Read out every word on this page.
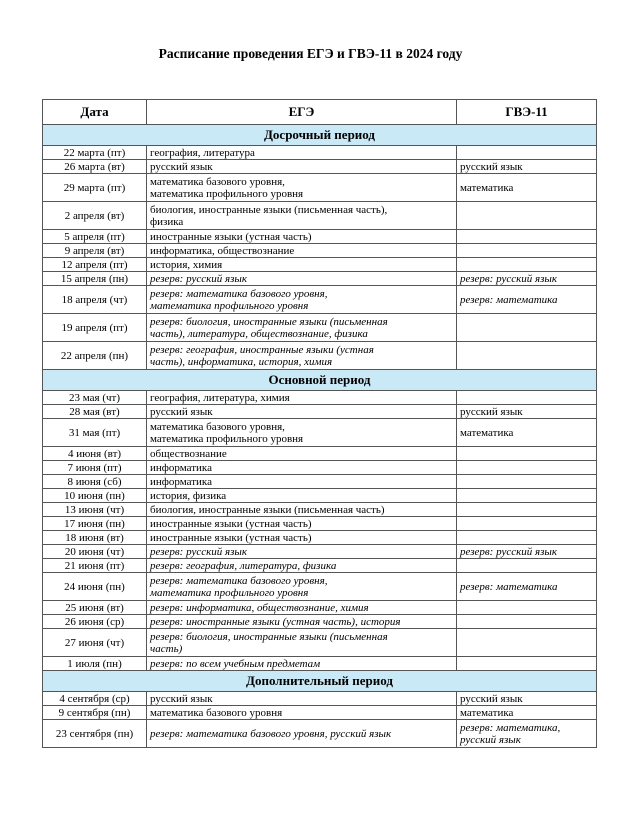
Расписание проведения ЕГЭ и ГВЭ-11 в 2024 году
Дата	ЕГЭ	ГВЭ-11
Досрочный период		
22 марта (пт)	география, литература	
26 марта (вт)	русский язык	русский язык
29 марта (пт)	математика базового уровня,
математика профильного уровня	математика
2 апреля (вт)	биология, иностранные языки (письменная часть),
физика	
5 апреля (пт)	иностранные языки (устная часть)	
9 апреля (вт)	информатика, обществознание	
12 апреля (пт)	история, химия	
15 апреля (пн)	резерв: русский язык	резерв: русский язык
18 апреля (чт)	резерв: математика базового уровня,
математика профильного уровня	резерв: математика
19 апреля (пт)	резерв: биология, иностранные языки (письменная
часть), литература, обществознание, физика	
22 апреля (пн)	резерв: география, иностранные языки (устная
часть), информатика, история, химия	
Основной период		
23 мая (чт)	география, литература, химия	
28 мая (вт)	русский язык	русский язык
31 мая (пт)	математика базового уровня,
математика профильного уровня	математика
4 июня (вт)	обществознание	
7 июня (пт)	информатика	
8 июня (сб)	информатика	
10 июня (пн)	история, физика	
13 июня (чт)	биология, иностранные языки (письменная часть)	
17 июня (пн)	иностранные языки (устная часть)	
18 июня (вт)	иностранные языки (устная часть)	
20 июня (чт)	резерв: русский язык	резерв: русский язык
21 июня (пт)	резерв: география, литература, физика	
24 июня (пн)	резерв: математика базового уровня,
математика профильного уровня	резерв: математика
25 июня (вт)	резерв: информатика, обществознание, химия	
26 июня (ср)	резерв: иностранные языки (устная часть), история	
27 июня (чт)	резерв: биология, иностранные языки (письменная
часть)	
1 июля (пн)	резерв: по всем учебным предметам	
Дополнительный период		
4 сентября (ср)	русский язык	русский язык
9 сентября (пн)	математика базового уровня	математика
23 сентября (пн)	резерв: математика базового уровня, русский язык	резерв: математика,
русский язык
